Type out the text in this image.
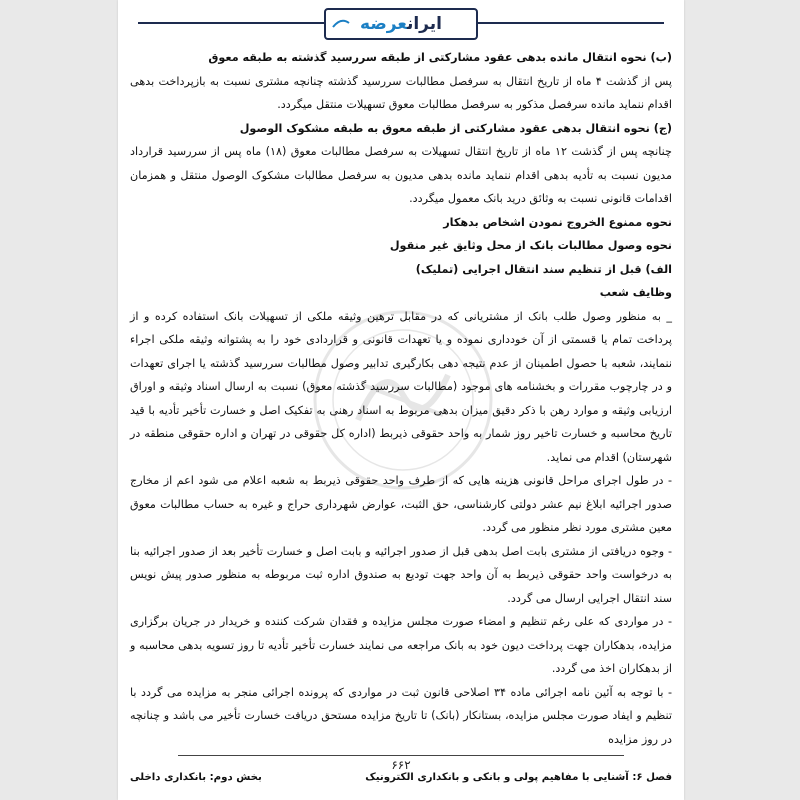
ایرانعرضه

(ب) نحوه انتقال مانده بدهی عقود مشارکتی از طبقه سررسید گذشته به طبقه معوق

پس از گذشت ۴ ماه از تاریخ انتقال به سرفصل مطالبات سررسید گذشته چنانچه مشتری نسبت به بازپرداخت بدهی اقدام ننماید مانده سرفصل مذکور به سرفصل مطالبات معوق تسهیلات منتقل میگردد.

(ج) نحوه انتقال بدهی عقود مشارکتی از طبقه معوق به طبقه مشکوک الوصول

چنانچه پس از گذشت ۱۲ ماه از تاریخ انتقال تسهیلات به سرفصل مطالبات معوق (۱۸) ماه پس از سررسید قرارداد مدیون نسبت به تأدیه بدهی اقدام ننماید مانده بدهی مدیون به سرفصل مطالبات مشکوک الوصول منتقل و همزمان اقدامات قانونی نسبت به وثائق درید بانک معمول میگردد.

نحوه ممنوع الخروج نمودن اشخاص بدهکار

نحوه وصول مطالبات بانک از محل وثایق غیر منقول

الف) قبل از تنظیم سند انتقال اجرایی (تملیک)

وظایف شعب

_ به منظور وصول طلب بانک از مشتریانی که در مقابل ترهین وثیقه ملکی از تسهیلات بانک استفاده کرده و از پرداخت تمام یا قسمتی از آن خودداری نموده و یا تعهدات قانونی و قراردادی خود را به پشتوانه وثیقه ملکی اجراء ننمایند، شعبه با حصول اطمینان از عدم نتیجه دهی بکارگیری تدابیر وصول مطالبات سررسید گذشته یا اجرای تعهدات و در چارچوب مقررات و بخشنامه های موجود (مطالبات سررسید گذشته معوق) نسبت به ارسال اسناد وثیقه و اوراق ارزیابی وثیقه و موارد رهن با ذکر دقیق میزان بدهی مربوط به اسناد رهنی به تفکیک اصل و خسارت تأخیر تأدیه با قید تاریخ محاسبه و خسارت تاخیر روز شمار به واحد حقوقی ذیربط (اداره کل حقوقی در تهران و اداره حقوقی منطقه در شهرستان) اقدام می نماید.

- در طول اجرای مراحل قانونی هزینه هایی که از طرف واحد حقوقی ذیربط به شعبه اعلام می شود اعم از مخارج صدور اجرائیه ابلاغ نیم عشر دولتی کارشناسی، حق الثبت، عوارض شهرداری حراج و غیره به حساب مطالبات معوق معین مشتری مورد نظر منظور می گردد.

- وجوه دریافتی از مشتری بابت اصل بدهی قبل از صدور اجرائیه و بابت اصل و خسارت تأخیر بعد از صدور اجرائیه بنا به درخواست واحد حقوقی ذیربط به آن واحد جهت تودیع به صندوق اداره ثبت مربوطه به منظور صدور پیش نویس سند انتقال اجرایی ارسال می گردد.

- در مواردی که علی رغم تنظیم و امضاء صورت مجلس مزایده و فقدان شرکت کننده و خریدار در جریان برگزاری مزایده، بدهکاران جهت پرداخت دیون خود به بانک مراجعه می نمایند خسارت تأخیر تأدیه تا روز تسویه بدهی محاسبه و از بدهکاران اخذ می گردد.

- با توجه به آئین نامه اجرائی ماده ۳۴ اصلاحی قانون ثبت در مواردی که پرونده اجرائی منجر به مزایده می گردد با تنظیم و ایفاد صورت مجلس مزایده، بستانکار (بانک) تا تاریخ مزایده مستحق دریافت خسارت تأخیر می باشد و چنانچه در روز مزایده

۶۶۲
فصل ۶: آشنایی با مفاهیم پولی و بانکی و بانکداری الکترونیک
بخش دوم: بانکداری داخلی
